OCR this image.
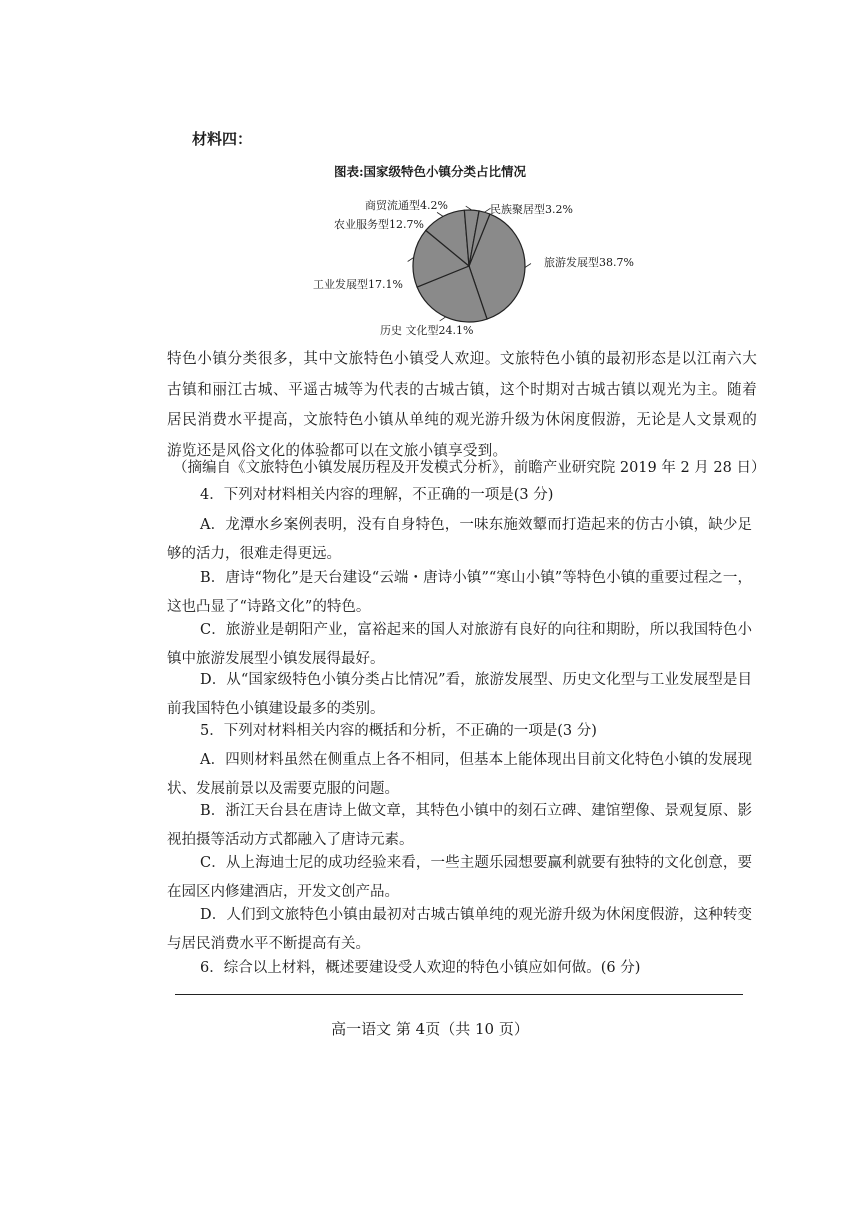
材料四：
图表:国家级特色小镇分类占比情况
旅游发展型38.7%
历史 文化型24.1%
工业发展型17.1%
农业服务型12.7%
商贸流通型4.2%	民族聚居型3.2%
特色小镇分类很多，其中文旅特色小镇受人欢迎。文旅特色小镇的最初形态是以江南六大古镇和丽江古城、平遥古城等为代表的古城古镇，这个时期对古城古镇以观光为主。随着居民消费水平提高，文旅特色小镇从单纯的观光游升级为休闲度假游，无论是人文景观的游览还是风俗文化的体验都可以在文旅小镇享受到。
（摘编自《文旅特色小镇发展历程及开发模式分析》，前瞻产业研究院 2019 年 2 月 28 日）
4．下列对材料相关内容的理解，不正确的一项是(3 分)
A．龙潭水乡案例表明，没有自身特色，一味东施效颦而打造起来的仿古小镇，缺少足够的活力，很难走得更远。
B．唐诗“物化”是天台建设“云端・唐诗小镇”“寒山小镇”等特色小镇的重要过程之一，这也凸显了“诗路文化”的特色。
C．旅游业是朝阳产业，富裕起来的国人对旅游有良好的向往和期盼，所以我国特色小镇中旅游发展型小镇发展得最好。
D．从“国家级特色小镇分类占比情况”看，旅游发展型、历史文化型与工业发展型是目前我国特色小镇建设最多的类别。
5．下列对材料相关内容的概括和分析，不正确的一项是(3 分)
A．四则材料虽然在侧重点上各不相同，但基本上能体现出目前文化特色小镇的发展现状、发展前景以及需要克服的问题。
B．浙江天台县在唐诗上做文章，其特色小镇中的刻石立碑、建馆塑像、景观复原、影视拍摄等活动方式都融入了唐诗元素。
C．从上海迪士尼的成功经验来看，一些主题乐园想要赢利就要有独特的文化创意，要在园区内修建酒店，开发文创产品。
D．人们到文旅特色小镇由最初对古城古镇单纯的观光游升级为休闲度假游，这种转变与居民消费水平不断提高有关。
6．综合以上材料，概述要建设受人欢迎的特色小镇应如何做。(6 分)
高一语文 第 4页（共 10 页）
